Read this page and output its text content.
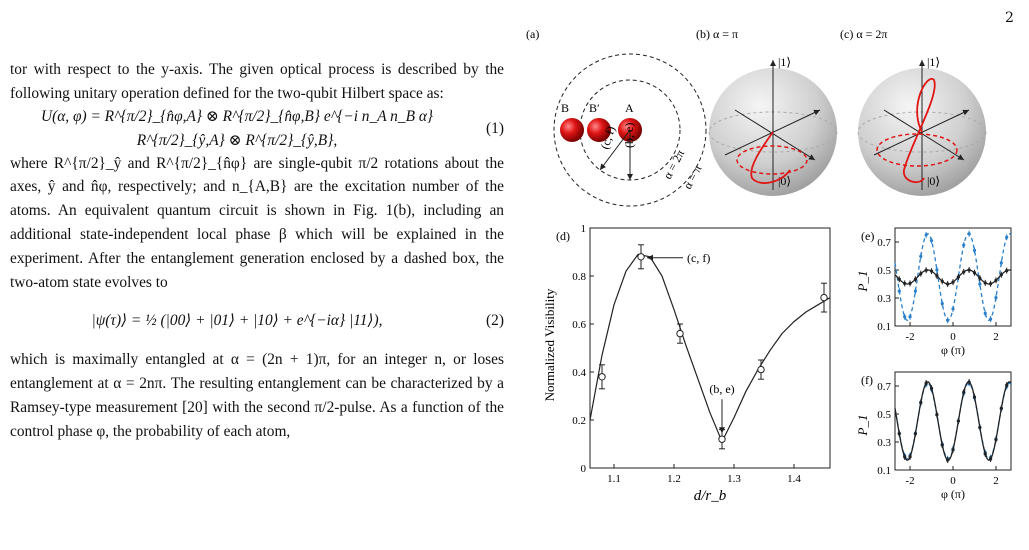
2

tor with respect to the y-axis. The given optical process is described by the following unitary operation defined for the two-qubit Hilbert space as:

U(α, φ) = R^{π/2}_{n̂φ,A} ⊗ R^{π/2}_{n̂φ,B} e^{−i n_A n_B α} R^{π/2}_{ŷ,A} ⊗ R^{π/2}_{ŷ,B},
(1)

where R^{π/2}_ŷ and R^{π/2}_{n̂φ} are single-qubit π/2 rotations about the axes, ŷ and n̂φ, respectively; and n_{A,B} are the excitation number of the atoms. An equivalent quantum circuit is shown in Fig. 1(b), including an additional state-independent local phase β which will be explained in the experiment. After the entanglement generation enclosed by a dashed box, the two-atom state evolves to

|ψ(τ)⟩ = ½ (|00⟩ + |01⟩ + |10⟩ + e^{−iα} |11⟩),	(2)

which is maximally entangled at α = (2n + 1)π, for an integer n, or loses entanglement at α = 2nπ. The resulting entanglement can be characterized by a Ramsey-type measurement [20] with the second π/2-pulse. As a function of the control phase φ, the probability of each atom,

(a)
B B′ A
(c, f) (b, e)
α = 2π
α = π
(b) α = π
|1⟩
|0⟩
(c) α = 2π
|1⟩
|0⟩
(d)
1.1	1.2	1.3	1.4
0
0.2
0.4
0.6
0.8
1
Normalized Visibility
d/r_b
(c, f)
(b, e)
(e)
-2	0	2
0.1
0.3
0.5
0.7
P_1
φ (π)
(f)
-2	0	2
0.1
0.3
0.5
0.7
P_1
φ (π)
